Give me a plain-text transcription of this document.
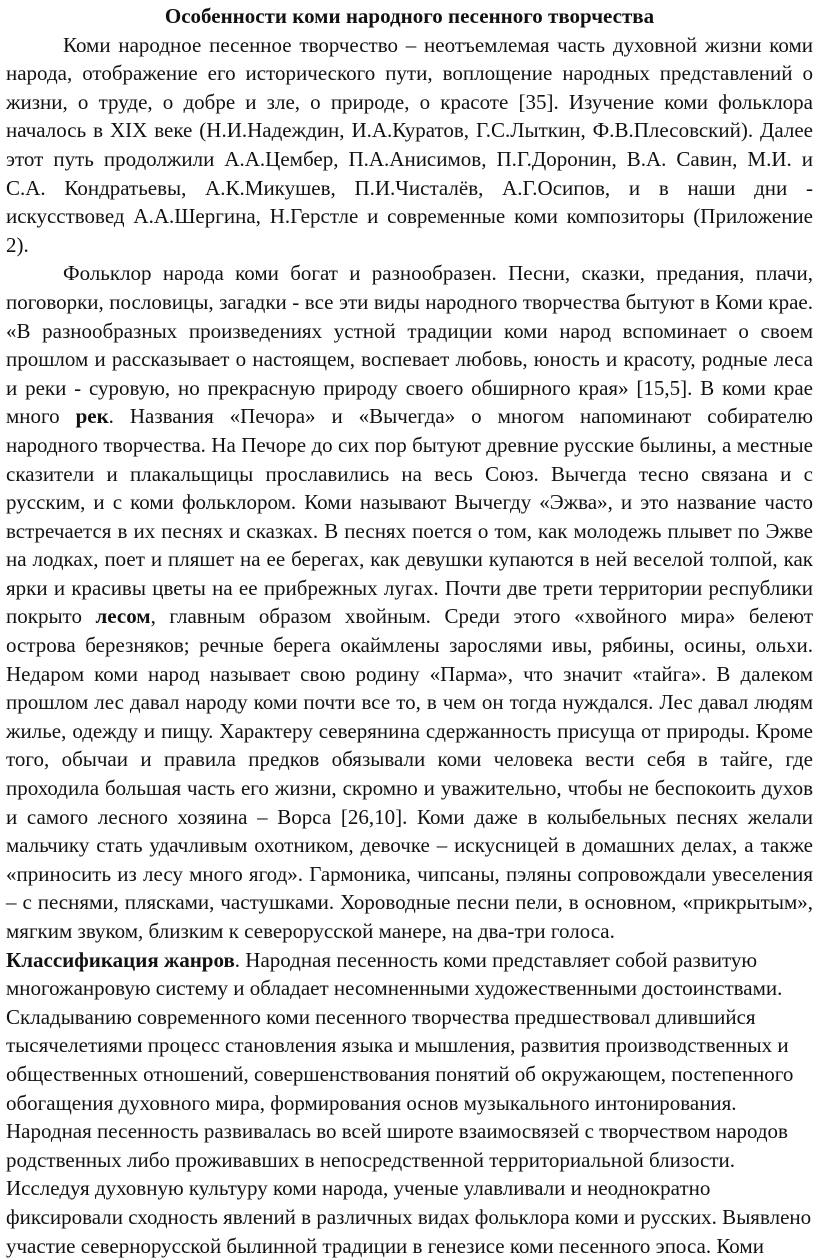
Особенности коми народного песенного творчества

Коми народное песенное творчество – неотъемлемая часть духовной жизни коми народа, отображение его исторического пути, воплощение народных представлений о жизни, о труде, о добре и зле, о природе, о красоте [35]. Изучение коми фольклора началось в XIX веке (Н.И.Надеждин, И.А.Куратов, Г.С.Лыткин, Ф.В.Плесовский). Далее этот путь продолжили А.А.Цембер, П.А.Анисимов, П.Г.Доронин, В.А. Савин, М.И. и С.А. Кондратьевы, А.К.Микушев, П.И.Чисталёв, А.Г.Осипов, и в наши дни - искусствовед А.А.Шергина, Н.Герстле и современные коми композиторы (Приложение 2).

Фольклор народа коми богат и разнообразен. Песни, сказки, предания, плачи, поговорки, пословицы, загадки - все эти виды народного творчества бытуют в Коми крае. «В разнообразных произведениях устной традиции коми народ вспоминает о своем прошлом и рассказывает о настоящем, воспевает любовь, юность и красоту, родные леса и реки - суровую, но прекрасную природу своего обширного края» [15,5]. В коми крае много рек. Названия «Печора» и «Вычегда» о многом напоминают собирателю народного творчества. На Печоре до сих пор бытуют древние русские былины, а местные сказители и плакальщицы прославились на весь Союз. Вычегда тесно связана и с русским, и с коми фольклором. Коми называют Вычегду «Эжва», и это название часто встречается в их песнях и сказках. В песнях поется о том, как молодежь плывет по Эжве на лодках, поет и пляшет на ее берегах, как девушки купаются в ней веселой толпой, как ярки и красивы цветы на ее прибрежных лугах. Почти две трети территории республики покрыто лесом, главным образом хвойным. Среди этого «хвойного мира» белеют острова березняков; речные берега окаймлены зарослями ивы, рябины, осины, ольхи. Недаром коми народ называет свою родину «Парма», что значит «тайга». В далеком прошлом лес давал народу коми почти все то, в чем он тогда нуждался. Лес давал людям жилье, одежду и пищу. Характеру северянина сдержанность присуща от природы. Кроме того, обычаи и правила предков обязывали коми человека вести себя в тайге, где проходила большая часть его жизни, скромно и уважительно, чтобы не беспокоить духов и самого лесного хозяина – Ворса [26,10]. Коми даже в колыбельных песнях желали мальчику стать удачливым охотником, девочке – искусницей в домашних делах, а также «приносить из лесу много ягод». Гармоника, чипсаны, пэляны сопровождали увеселения – с песнями, плясками, частушками. Хороводные песни пели, в основном, «прикрытым», мягким звуком, близким к северорусской манере, на два-три голоса.

Классификация жанров. Народная песенность коми представляет собой развитую многожанровую систему и обладает несомненными художественными достоинствами. Складыванию современного коми песенного творчества предшествовал длившийся тысячелетиями процесс становления языка и мышления, развития производственных и общественных отношений, совершенствования понятий об окружающем, постепенного обогащения духовного мира, формирования основ музыкального интонирования. Народная песенность развивалась во всей широте взаимосвязей с творчеством народов родственных либо проживавших в непосредственной территориальной близости. Исследуя духовную культуру коми народа, ученые улавливали и неоднократно фиксировали сходность явлений в различных видах фольклора коми и русских. Выявлено участие севернорусской былинной традиции в генезисе коми песенного эпоса. Коми
